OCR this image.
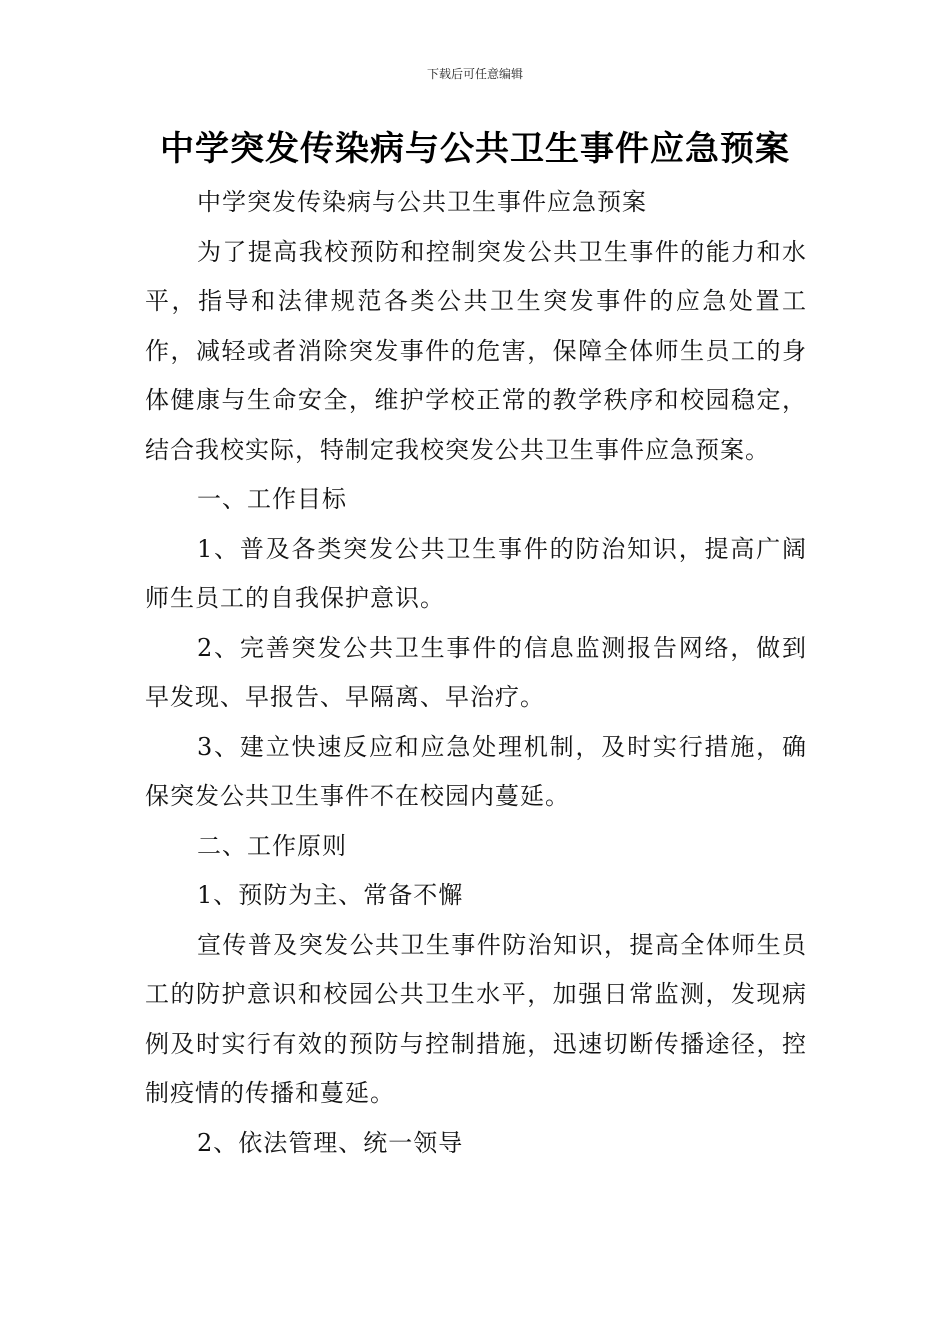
下载后可任意编辑
中学突发传染病与公共卫生事件应急预案

中学突发传染病与公共卫生事件应急预案

为了提高我校预防和控制突发公共卫生事件的能力和水平，指导和法律规范各类公共卫生突发事件的应急处置工作，减轻或者消除突发事件的危害，保障全体师生员工的身体健康与生命安全，维护学校正常的教学秩序和校园稳定，结合我校实际，特制定我校突发公共卫生事件应急预案。

一、工作目标

1、普及各类突发公共卫生事件的防治知识，提高广阔师生员工的自我保护意识。

2、完善突发公共卫生事件的信息监测报告网络，做到早发现、早报告、早隔离、早治疗。

3、建立快速反应和应急处理机制，及时实行措施，确保突发公共卫生事件不在校园内蔓延。

二、工作原则

1、预防为主、常备不懈

宣传普及突发公共卫生事件防治知识，提高全体师生员工的防护意识和校园公共卫生水平，加强日常监测，发现病例及时实行有效的预防与控制措施，迅速切断传播途径，控制疫情的传播和蔓延。

2、依法管理、统一领导
